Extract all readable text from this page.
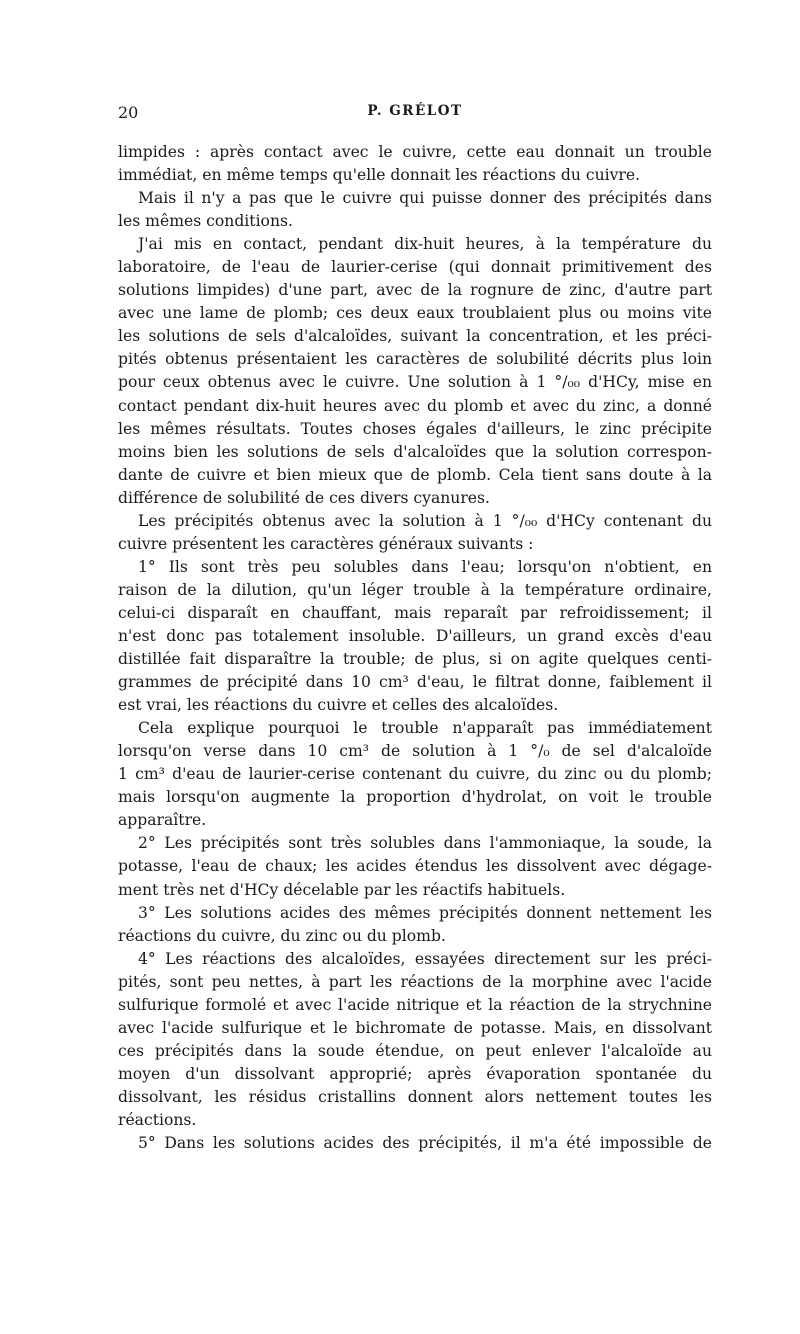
20	P. GRÉLOT

limpides : après contact avec le cuivre, cette eau donnait un trouble
immédiat, en même temps qu'elle donnait les réactions du cuivre.

Mais il n'y a pas que le cuivre qui puisse donner des précipités dans
les mêmes conditions.

J'ai mis en contact, pendant dix-huit heures, à la température du
laboratoire, de l'eau de laurier-cerise (qui donnait primitivement des
solutions limpides) d'une part, avec de la rognure de zinc, d'autre part
avec une lame de plomb; ces deux eaux troublaient plus ou moins vite
les solutions de sels d'alcaloïdes, suivant la concentration, et les préci-
pités obtenus présentaient les caractères de solubilité décrits plus loin
pour ceux obtenus avec le cuivre. Une solution à 1 °/₀₀ d'HCy, mise en
contact pendant dix-huit heures avec du plomb et avec du zinc, a donné
les mêmes résultats. Toutes choses égales d'ailleurs, le zinc précipite
moins bien les solutions de sels d'alcaloïdes que la solution correspon-
dante de cuivre et bien mieux que de plomb. Cela tient sans doute à la
différence de solubilité de ces divers cyanures.

Les précipités obtenus avec la solution à 1 °/₀₀ d'HCy contenant du
cuivre présentent les caractères généraux suivants :

1° Ils sont très peu solubles dans l'eau; lorsqu'on n'obtient, en
raison de la dilution, qu'un léger trouble à la température ordinaire,
celui-ci disparaît en chauffant, mais reparaît par refroidissement; il
n'est donc pas totalement insoluble. D'ailleurs, un grand excès d'eau
distillée fait disparaître la trouble; de plus, si on agite quelques centi-
grammes de précipité dans 10 cm³ d'eau, le filtrat donne, faiblement il
est vrai, les réactions du cuivre et celles des alcaloïdes.

Cela explique pourquoi le trouble n'apparaît pas immédiatement
lorsqu'on verse dans 10 cm³ de solution à 1 °/₀ de sel d'alcaloïde
1 cm³ d'eau de laurier-cerise contenant du cuivre, du zinc ou du plomb;
mais lorsqu'on augmente la proportion d'hydrolat, on voit le trouble
apparaître.

2° Les précipités sont très solubles dans l'ammoniaque, la soude, la
potasse, l'eau de chaux; les acides étendus les dissolvent avec dégage-
ment très net d'HCy décelable par les réactifs habituels.

3° Les solutions acides des mêmes précipités donnent nettement les
réactions du cuivre, du zinc ou du plomb.

4° Les réactions des alcaloïdes, essayées directement sur les préci-
pités, sont peu nettes, à part les réactions de la morphine avec l'acide
sulfurique formolé et avec l'acide nitrique et la réaction de la strychnine
avec l'acide sulfurique et le bichromate de potasse. Mais, en dissolvant
ces précipités dans la soude étendue, on peut enlever l'alcaloïde au
moyen d'un dissolvant approprié; après évaporation spontanée du
dissolvant, les résidus cristallins donnent alors nettement toutes les
réactions.

5° Dans les solutions acides des précipités, il m'a été impossible de
